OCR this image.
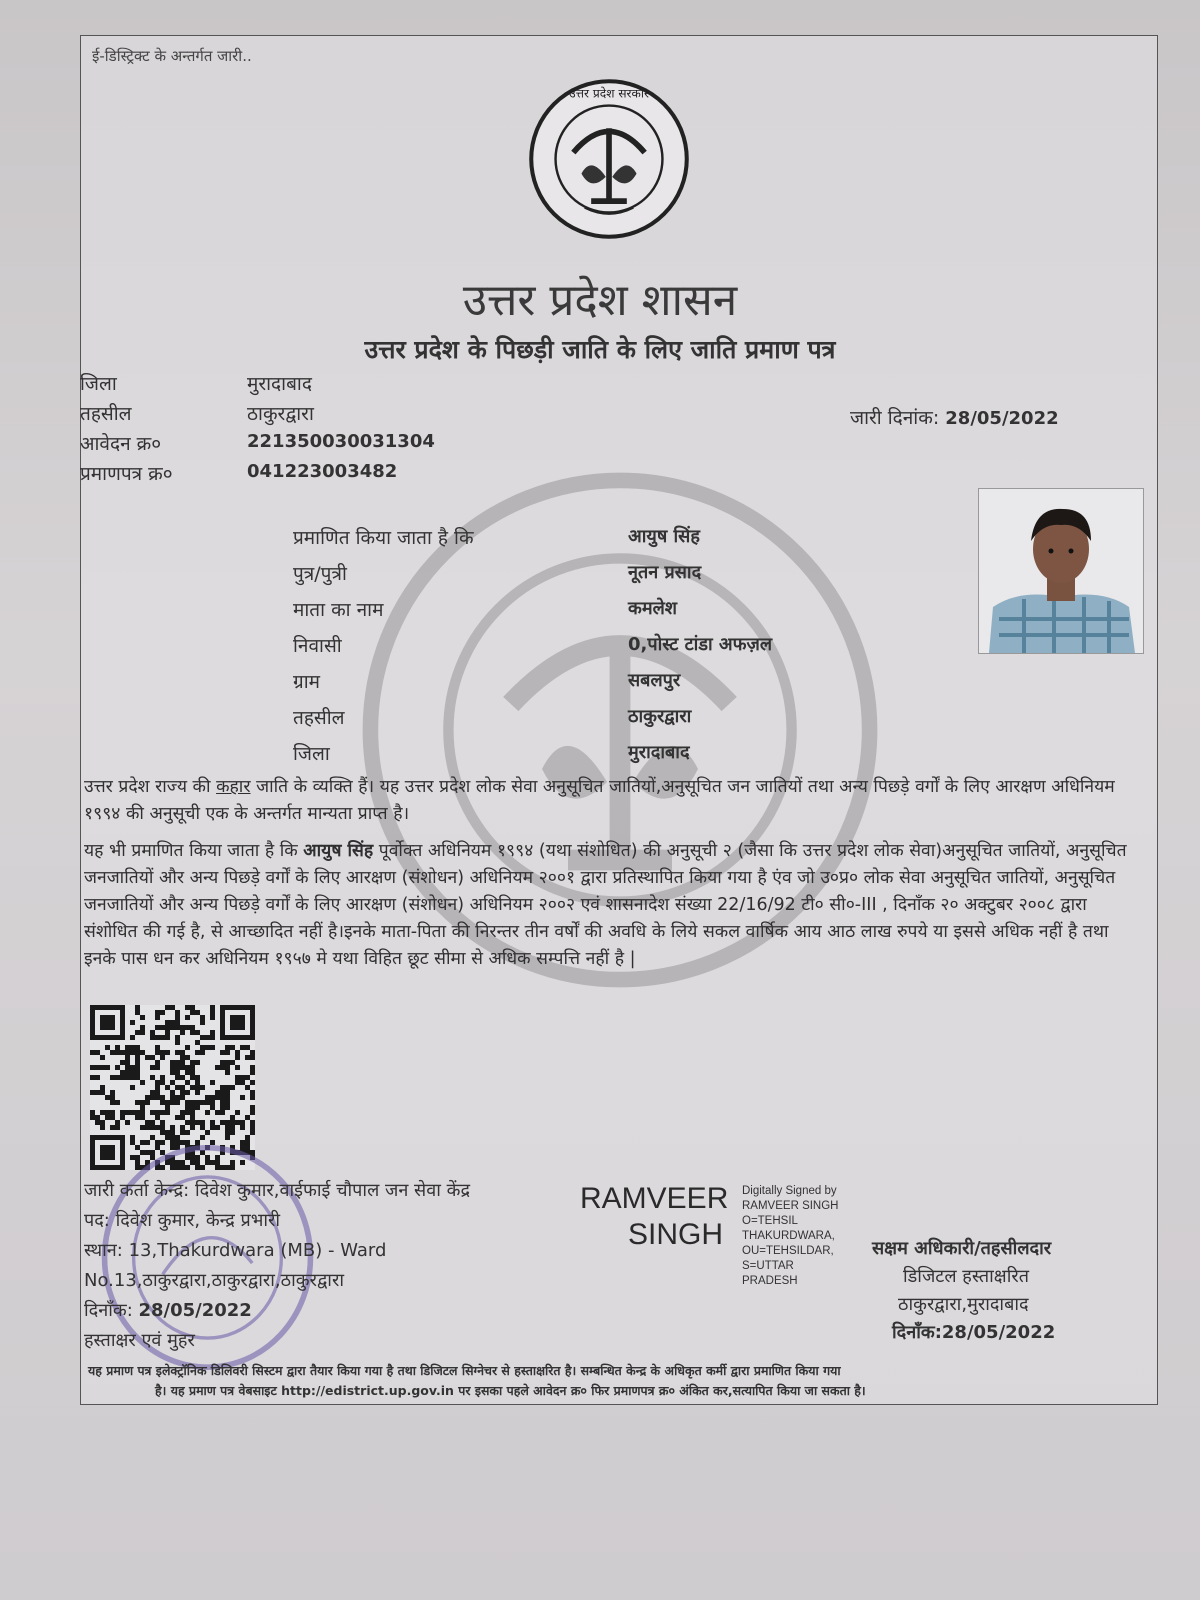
ई-डिस्ट्रिक्ट के अन्तर्गत जारी..
उत्तर प्रदेश सरकार
उत्तर प्रदेश शासन
उत्तर प्रदेश के पिछड़ी जाति के लिए जाति प्रमाण पत्र
जिला	मुरादाबाद
तहसील	ठाकुरद्वारा
आवेदन क्र०	221350030031304
प्रमाणपत्र क्र०	041223003482
जारी दिनांक: 28/05/2022
प्रमाणित किया जाता है कि	आयुष सिंह
पुत्र/पुत्री	नूतन प्रसाद
माता का नाम	कमलेश
निवासी	0,पोस्ट टांडा अफज़ल
ग्राम	सबलपुर
तहसील	ठाकुरद्वारा
जिला	मुरादाबाद
उत्तर प्रदेश राज्य की कहार जाति के व्यक्ति हैं। यह उत्तर प्रदेश लोक सेवा अनुसूचित जातियों,अनुसूचित जन जातियों तथा अन्य पिछड़े वर्गों के लिए आरक्षण अधिनियम १९९४ की अनुसूची एक के अन्तर्गत मान्यता प्राप्त है।
यह भी प्रमाणित किया जाता है कि आयुष सिंह पूर्वोक्त अधिनियम १९९४ (यथा संशोधित) की अनुसूची २ (जैसा कि उत्तर प्रदेश लोक सेवा)अनुसूचित जातियों, अनुसूचित जनजातियों और अन्य पिछड़े वर्गों के लिए आरक्षण (संशोधन) अधिनियम २००१ द्वारा प्रतिस्थापित किया गया है एंव जो उ०प्र० लोक सेवा अनुसूचित जातियों, अनुसूचित जनजातियों और अन्य पिछड़े वर्गों के लिए आरक्षण (संशोधन) अधिनियम २००२ एवं शासनादेश संख्या 22/16/92 टी० सी०-III , दिनाँक २० अक्टुबर २००८ द्वारा संशोधित की गई है, से आच्छादित नहीं है।इनके माता-पिता की निरन्तर तीन वर्षों की अवधि के लिये सकल वार्षिक आय आठ लाख रुपये या इससे अधिक नहीं है तथा इनके पास धन कर अधिनियम १९५७ मे यथा विहित छूट सीमा से अधिक सम्पत्ति नहीं है |
जारी कर्ता केन्द्र: दिवेश कुमार,वाईफाई चौपाल जन सेवा केंद्र
पद: दिवेश कुमार, केन्द्र प्रभारी
स्थान: 13,Thakurdwara (MB) - Ward
No.13,ठाकुरद्वारा,ठाकुरद्वारा,ठाकुरद्वारा
दिनाँक: 28/05/2022
हस्ताक्षर एवं मुहर
RAMVEER
SINGH
Digitally Signed by
RAMVEER SINGH
O=TEHSIL
THAKURDWARA,
OU=TEHSILDAR,
S=UTTAR
PRADESH
सक्षम अधिकारी/तहसीलदार
डिजिटल हस्ताक्षरित
ठाकुरद्वारा,मुरादाबाद
दिनाँक:28/05/2022
यह प्रमाण पत्र इलेक्ट्रॉनिक डिलिवरी सिस्टम द्वारा तैयार किया गया है तथा डिजिटल सिग्नेचर से हस्ताक्षरित है। सम्बन्धित केन्द्र के अधिकृत कर्मी द्वारा प्रमाणित किया गया
है। यह प्रमाण पत्र वेबसाइट http://edistrict.up.gov.in पर इसका पहले आवेदन क्र० फिर प्रमाणपत्र क्र० अंकित कर,सत्यापित किया जा सकता है।
